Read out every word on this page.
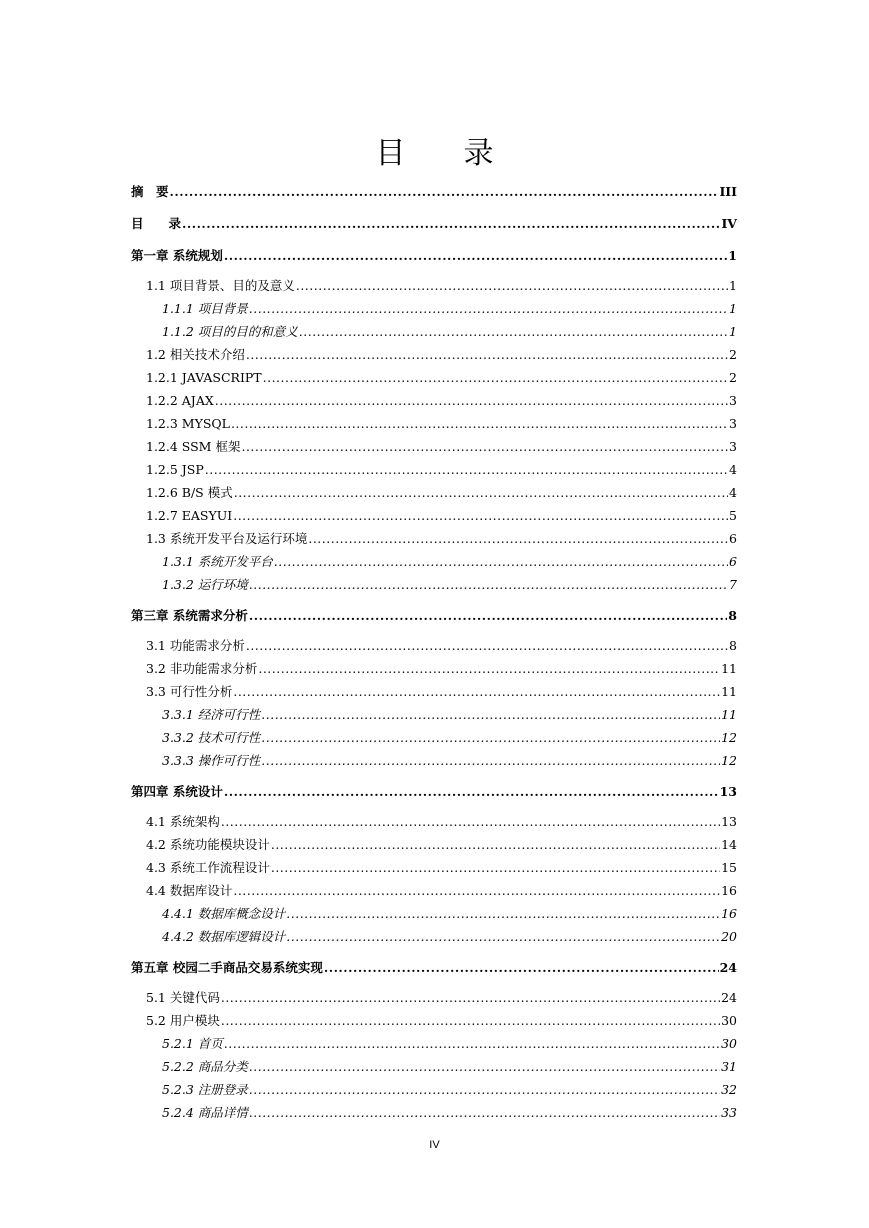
目录
摘　要 .....	III
目　　录 .....	IV
第一章 系统规划 .....	1
1.1 项目背景、目的及意义 .....	1
1.1.1 项目背景 .....	1
1.1.2 项目的目的和意义 .....	1
1.2 相关技术介绍 .....	2
1.2.1 JAVASCRIPT .....	2
1.2.2 AJAX .....	3
1.2.3 MYSQL .....	3
1.2.4 SSM 框架 .....	3
1.2.5 JSP .....	4
1.2.6 B/S 模式 .....	4
1.2.7 EASYUI .....	5
1.3 系统开发平台及运行环境 .....	6
1.3.1 系统开发平台 .....	6
1.3.2 运行环境 .....	7
第三章 系统需求分析 .....	8
3.1 功能需求分析 .....	8
3.2 非功能需求分析 .....	11
3.3 可行性分析 .....	11
3.3.1 经济可行性 .....	11
3.3.2 技术可行性 .....	12
3.3.3 操作可行性 .....	12
第四章 系统设计 .....	13
4.1 系统架构 .....	13
4.2 系统功能模块设计 .....	14
4.3 系统工作流程设计 .....	15
4.4 数据库设计 .....	16
4.4.1 数据库概念设计 .....	16
4.4.2 数据库逻辑设计 .....	20
第五章 校园二手商品交易系统实现 .....	24
5.1 关键代码 .....	24
5.2 用户模块 .....	30
5.2.1 首页 .....	30
5.2.2 商品分类 .....	31
5.2.3 注册登录 .....	32
5.2.4 商品详情 .....	33
IV
